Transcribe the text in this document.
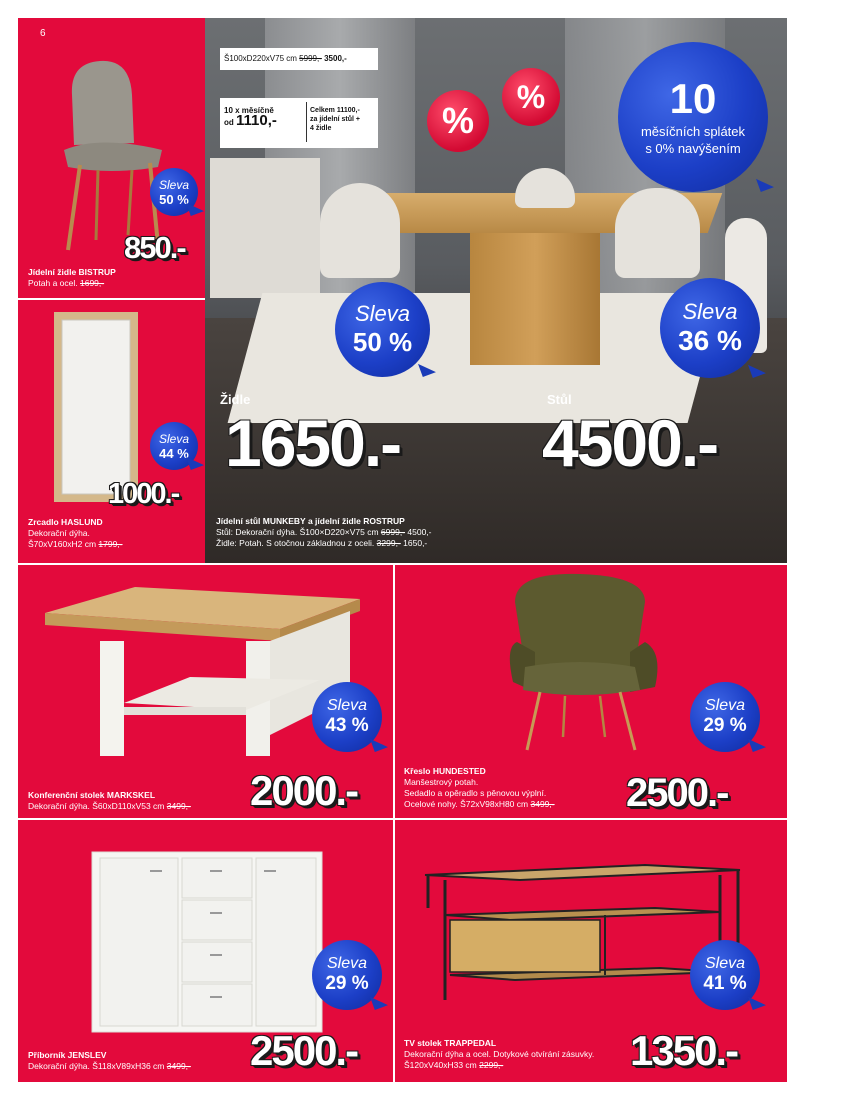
6
Sleva
50 %
850.-
Jídelní židle BISTRUP
Potah a ocel. 1699,-
Sleva
44 %
1000.-
Zrcadlo HASLUND
Dekorační dýha.
Š70xV160xH2 cm 1799,-
Š100xD220xV75 cm 5999,- 3500,-
10 x měsíčně
od 1110,-
Celkem 11100,-
za jídelní stůl +
4 židle	%
%	10
měsíčních splátek
s 0% navýšením
Sleva
50 %
Sleva
36 %
Židle
1650.-
Stůl
4500.-
Jídelní stůl MUNKEBY a jídelní židle ROSTRUP
Stůl: Dekorační dýha. Š100×D220×V75 cm 6999,- 4500,-
Židle: Potah. S otočnou základnou z oceli. 3299,- 1650,-
Sleva
43 %
2000.-
Konferenční stolek MARKSKEL
Dekorační dýha. Š60xD110xV53 cm 3499,-
Sleva
29 %
2500.-
Křeslo HUNDESTED
Manšestrový potah.
Sedadlo a opěradlo s pěnovou výplní.
Ocelové nohy. Š72xV98xH80 cm 3499,-
Sleva
29 %
2500.-
Příborník JENSLEV
Dekorační dýha. Š118xV89xH36 cm 3499,-
Sleva
41 %
1350.-
TV stolek TRAPPEDAL
Dekorační dýha a ocel. Dotykové otvírání zásuvky.
Š120xV40xH33 cm 2299,-
